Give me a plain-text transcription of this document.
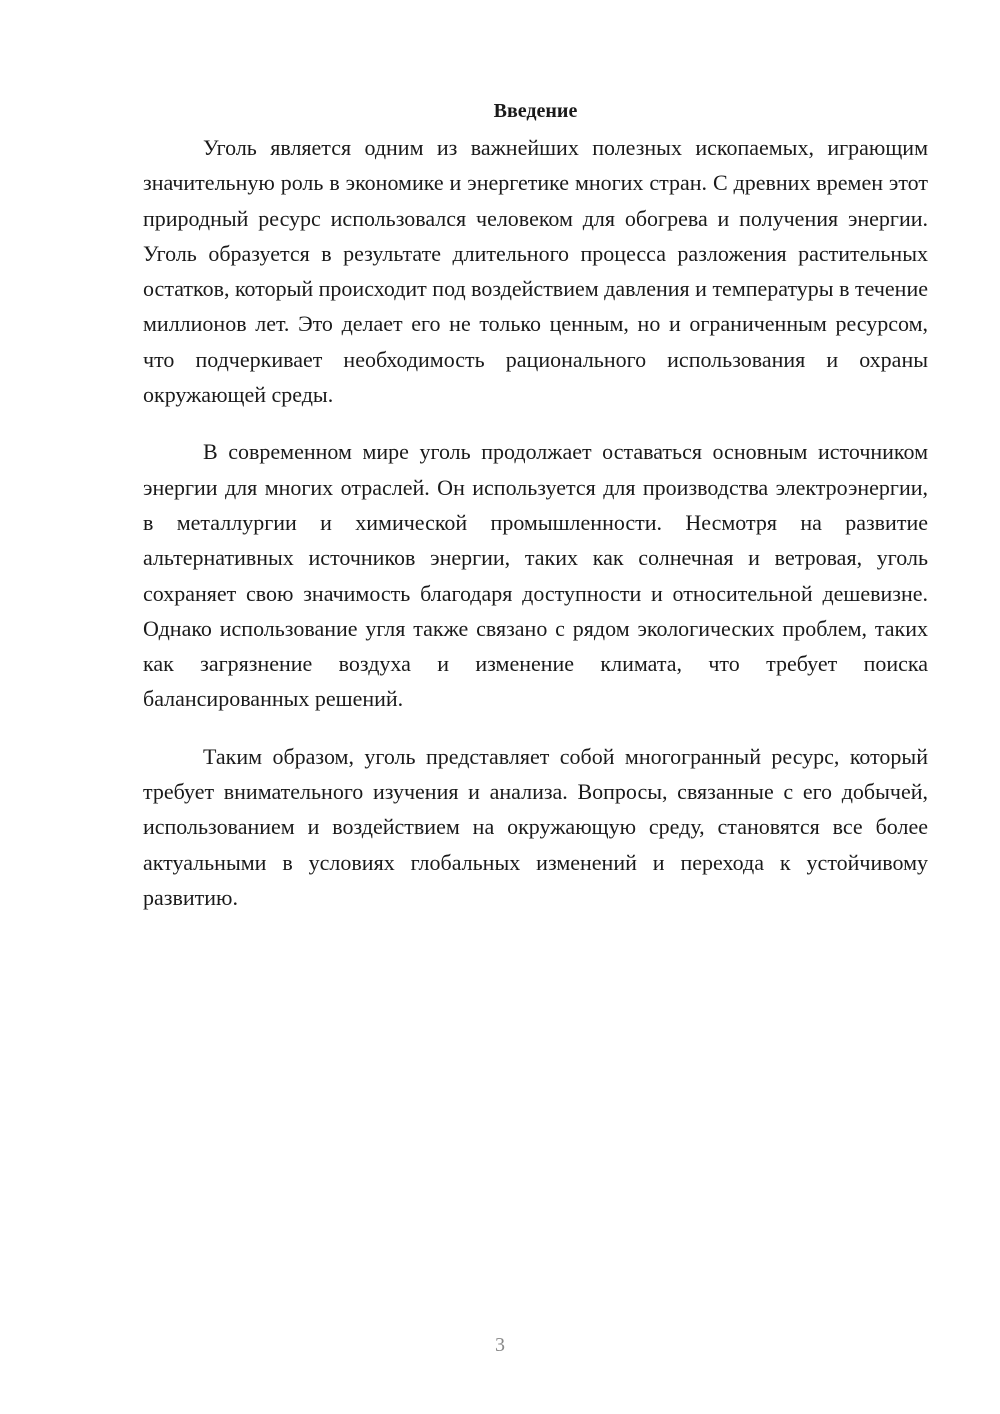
Введение

Уголь является одним из важнейших полезных ископаемых, играющим значительную роль в экономике и энергетике многих стран. С древних времен этот природный ресурс использовался человеком для обогрева и получения энергии. Уголь образуется в результате длительного процесса разложения растительных остатков, который происходит под воздействием давления и температуры в течение миллионов лет. Это делает его не только ценным, но и ограниченным ресурсом, что подчеркивает необходимость рационального использования и охраны окружающей среды.

В современном мире уголь продолжает оставаться основным источником энергии для многих отраслей. Он используется для производства электроэнергии, в металлургии и химической промышленности. Несмотря на развитие альтернативных источников энергии, таких как солнечная и ветровая, уголь сохраняет свою значимость благодаря доступности и относительной дешевизне. Однако использование угля также связано с рядом экологических проблем, таких как загрязнение воздуха и изменение климата, что требует поиска балансированных решений.

Таким образом, уголь представляет собой многогранный ресурс, который требует внимательного изучения и анализа. Вопросы, связанные с его добычей, использованием и воздействием на окружающую среду, становятся все более актуальными в условиях глобальных изменений и перехода к устойчивому развитию.

3
